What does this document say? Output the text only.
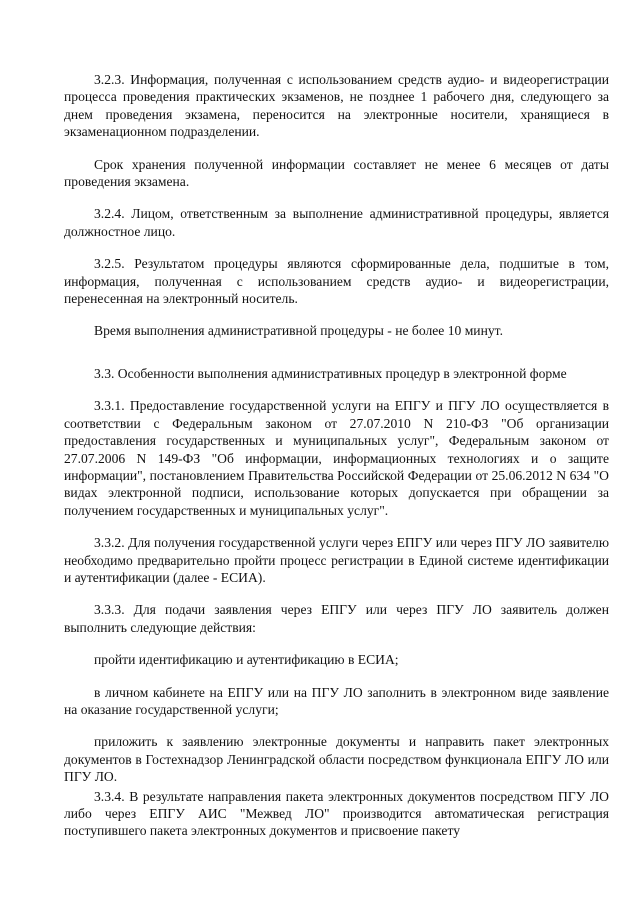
3.2.3. Информация, полученная с использованием средств аудио- и видеорегистрации процесса проведения практических экзаменов, не позднее 1 рабочего дня, следующего за днем проведения экзамена, переносится на электронные носители, хранящиеся в экзаменационном подразделении.

Срок хранения полученной информации составляет не менее 6 месяцев от даты проведения экзамена.

3.2.4. Лицом, ответственным за выполнение административной процедуры, является должностное лицо.

3.2.5. Результатом процедуры являются сформированные дела, подшитые в том, информация, полученная с использованием средств аудио- и видеорегистрации, перенесенная на электронный носитель.

Время выполнения административной процедуры - не более 10 минут.

3.3. Особенности выполнения административных процедур в электронной форме

3.3.1. Предоставление государственной услуги на ЕПГУ и ПГУ ЛО осуществляется в соответствии с Федеральным законом от 27.07.2010 N 210-ФЗ "Об организации предоставления государственных и муниципальных услуг", Федеральным законом от 27.07.2006 N 149-ФЗ "Об информации, информационных технологиях и о защите информации", постановлением Правительства Российской Федерации от 25.06.2012 N 634 "О видах электронной подписи, использование которых допускается при обращении за получением государственных и муниципальных услуг".

3.3.2. Для получения государственной услуги через ЕПГУ или через ПГУ ЛО заявителю необходимо предварительно пройти процесс регистрации в Единой системе идентификации и аутентификации (далее - ЕСИА).

3.3.3. Для подачи заявления через ЕПГУ или через ПГУ ЛО заявитель должен выполнить следующие действия:

пройти идентификацию и аутентификацию в ЕСИА;

в личном кабинете на ЕПГУ или на ПГУ ЛО заполнить в электронном виде заявление на оказание государственной услуги;

приложить к заявлению электронные документы и направить пакет электронных документов в Гостехнадзор Ленинградской области посредством функционала ЕПГУ ЛО или ПГУ ЛО.

3.3.4. В результате направления пакета электронных документов посредством ПГУ ЛО либо через ЕПГУ АИС "Межвед ЛО" производится автоматическая регистрация поступившего пакета электронных документов и присвоение пакету
